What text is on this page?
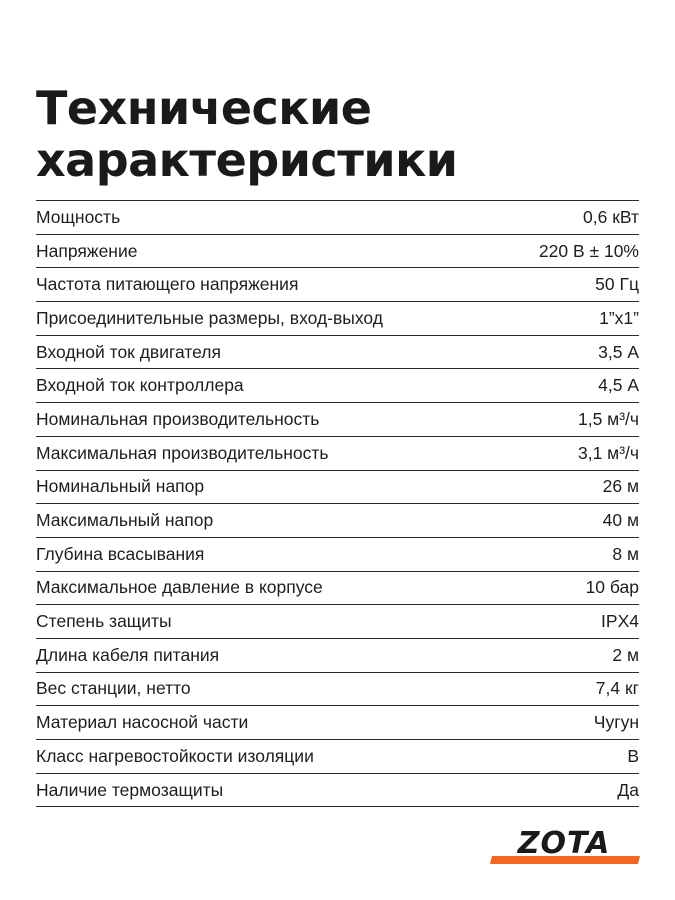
Технические
характеристики
Мощность	0,6 кВт
Напряжение	220 В ± 10%
Частота питающего напряжения	50 Гц
Присоединительные размеры, вход-выход	1”х1”
Входной ток двигателя	3,5 А
Входной ток контроллера	4,5 А
Номинальная производительность	1,5 м³/ч
Максимальная производительность	3,1 м³/ч
Номинальный напор	26 м
Максимальный напор	40 м
Глубина всасывания	8 м
Максимальное давление в корпусе	10 бар
Степень защиты	IPX4
Длина кабеля питания	2 м
Вес станции, нетто	7,4 кг
Материал насосной части	Чугун
Класс нагревостойкости изоляции	В
Наличие термозащиты	Да
ZOTA
